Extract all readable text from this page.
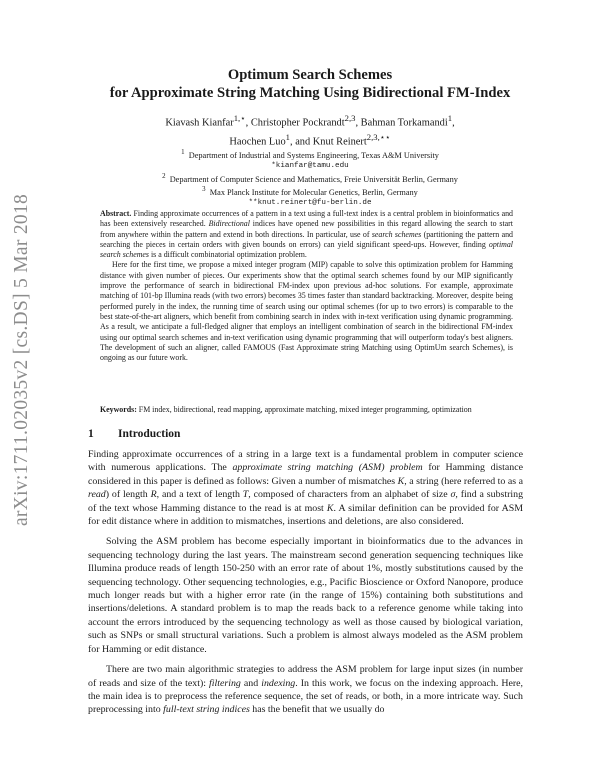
arXiv:1711.02035v2 [cs.DS] 5 Mar 2018
Optimum Search Schemes
for Approximate String Matching Using Bidirectional FM-Index
Kiavash Kianfar$^{1,⋆}$, Christopher Pockrandt$^{2,3}$, Bahman Torkamandi$^1$,
Haochen Luo$^1$, and Knut Reinert$^{2,3,⋆⋆}$
$^1$ Department of Industrial and Systems Engineering, Texas A&M University
*kianfar@tamu.edu
$^2$ Department of Computer Science and Mathematics, Freie Universität Berlin, Germany
$^3$ Max Planck Institute for Molecular Genetics, Berlin, Germany
**knut.reinert@fu-berlin.de

Abstract. Finding approximate occurrences of a pattern in a text using a full-text index is a central problem in bioinformatics and has been extensively researched. Bidirectional indices have opened new possibilities in this regard allowing the search to start from anywhere within the pattern and extend in both directions. In particular, use of search schemes (partitioning the pattern and searching the pieces in certain orders with given bounds on errors) can yield significant speed-ups. However, finding optimal search schemes is a difficult combinatorial optimization problem.

Here for the first time, we propose a mixed integer program (MIP) capable to solve this optimization problem for Hamming distance with given number of pieces. Our experiments show that the optimal search schemes found by our MIP significantly improve the performance of search in bidirectional FM-index upon previous ad-hoc solutions. For example, approximate matching of 101-bp Illumina reads (with two errors) becomes 35 times faster than standard backtracking. Moreover, despite being performed purely in the index, the running time of search using our optimal schemes (for up to two errors) is comparable to the best state-of-the-art aligners, which benefit from combining search in index with in-text verification using dynamic programming. As a result, we anticipate a full-fledged aligner that employs an intelligent combination of search in the bidirectional FM-index using our optimal search schemes and in-text verification using dynamic programming that will outperform today's best aligners. The development of such an aligner, called FAMOUS (Fast Approximate string Matching using OptimUm search Schemes), is ongoing as our future work.

Keywords: FM index, bidirectional, read mapping, approximate matching, mixed integer programming, optimization
1 Introduction

Finding approximate occurrences of a string in a large text is a fundamental problem in computer science with numerous applications. The approximate string matching (ASM) problem for Hamming distance considered in this paper is defined as follows: Given a number of mismatches K, a string (here referred to as a read) of length R, and a text of length T, composed of characters from an alphabet of size σ, find a substring of the text whose Hamming distance to the read is at most K. A similar definition can be provided for ASM for edit distance where in addition to mismatches, insertions and deletions, are also considered.

Solving the ASM problem has become especially important in bioinformatics due to the advances in sequencing technology during the last years. The mainstream second generation sequencing techniques like Illumina produce reads of length 150-250 with an error rate of about 1%, mostly substitutions caused by the sequencing technology. Other sequencing technologies, e.g., Pacific Bioscience or Oxford Nanopore, produce much longer reads but with a higher error rate (in the range of 15%) containing both substitutions and insertions/deletions. A standard problem is to map the reads back to a reference genome while taking into account the errors introduced by the sequencing technology as well as those caused by biological variation, such as SNPs or small structural variations. Such a problem is almost always modeled as the ASM problem for Hamming or edit distance.

There are two main algorithmic strategies to address the ASM problem for large input sizes (in number of reads and size of the text): filtering and indexing. In this work, we focus on the indexing approach. Here, the main idea is to preprocess the reference sequence, the set of reads, or both, in a more intricate way. Such preprocessing into full-text string indices has the benefit that we usually do
